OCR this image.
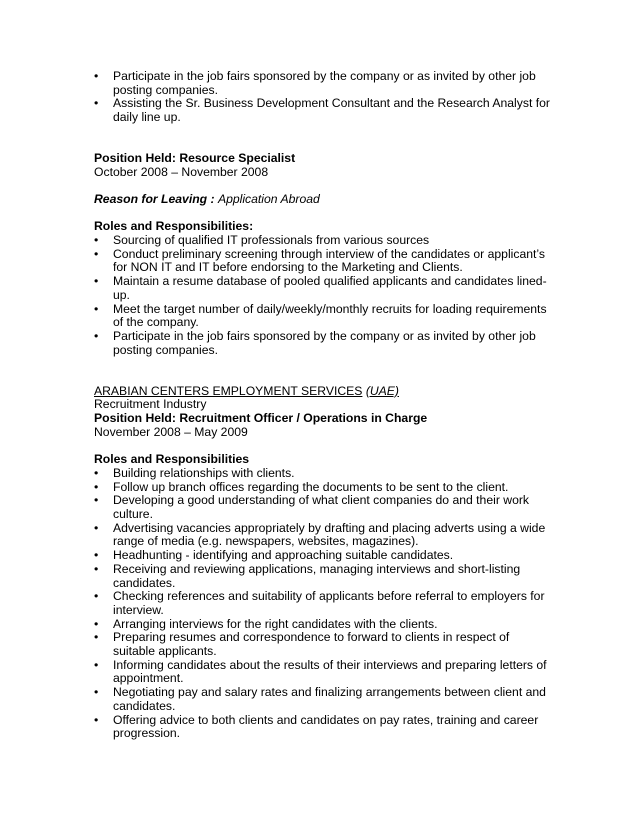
• Participate in the job fairs sponsored by the company or as invited by other job posting companies.
• Assisting the Sr. Business Development Consultant and the Research Analyst for daily line up.

Position Held: Resource Specialist

October 2008 – November 2008

Reason for Leaving : Application Abroad

Roles and Responsibilities:

• Sourcing of qualified IT professionals from various sources
• Conduct preliminary screening through interview of the candidates or applicant’s for NON IT and IT before endorsing to the Marketing and Clients.
• Maintain a resume database of pooled qualified applicants and candidates lined-up.
• Meet the target number of daily/weekly/monthly recruits for loading requirements of the company.
• Participate in the job fairs sponsored by the company or as invited by other job posting companies.

ARABIAN CENTERS EMPLOYMENT SERVICES (UAE)

Recruitment Industry

Position Held: Recruitment Officer / Operations in Charge

November 2008 – May 2009

Roles and Responsibilities

• Building relationships with clients.
• Follow up branch offices regarding the documents to be sent to the client.
• Developing a good understanding of what client companies do and their work culture.
• Advertising vacancies appropriately by drafting and placing adverts using a wide range of media (e.g. newspapers, websites, magazines).
• Headhunting - identifying and approaching suitable candidates.
• Receiving and reviewing applications, managing interviews and short-listing candidates.
• Checking references and suitability of applicants before referral to employers for interview.
• Arranging interviews for the right candidates with the clients.
• Preparing resumes and correspondence to forward to clients in respect of suitable applicants.
• Informing candidates about the results of their interviews and preparing letters of appointment.
• Negotiating pay and salary rates and finalizing arrangements between client and candidates.
• Offering advice to both clients and candidates on pay rates, training and career progression.
